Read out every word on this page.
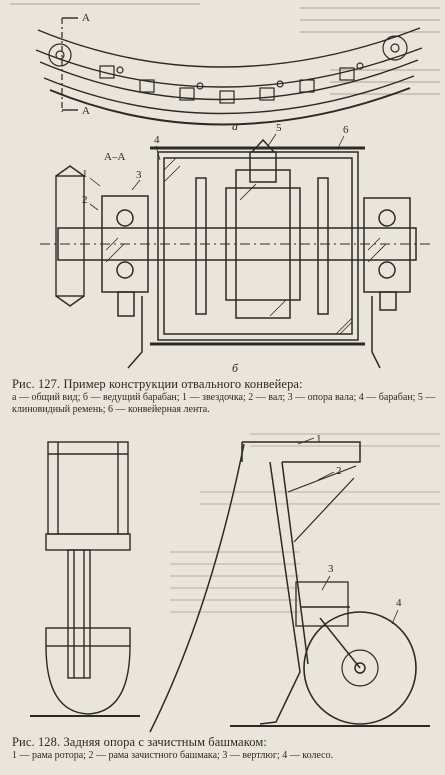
А
А
а
А–А
1
2
3
4
5	6
б
Рис. 127. Пример конструкции отвального конвейера:
а — общий вид; б — ведущий барабан; 1 — звездочка; 2 — вал; 3 — опора вала; 4 — барабан; 5 — клиновидный ремень; 6 — конвейерная лента.
1
2
3
4
Рис. 128. Задняя опора с зачистным башмаком:
1 — рама ротора; 2 — рама зачистного башмака; 3 — вертлюг; 4 — колесо.
